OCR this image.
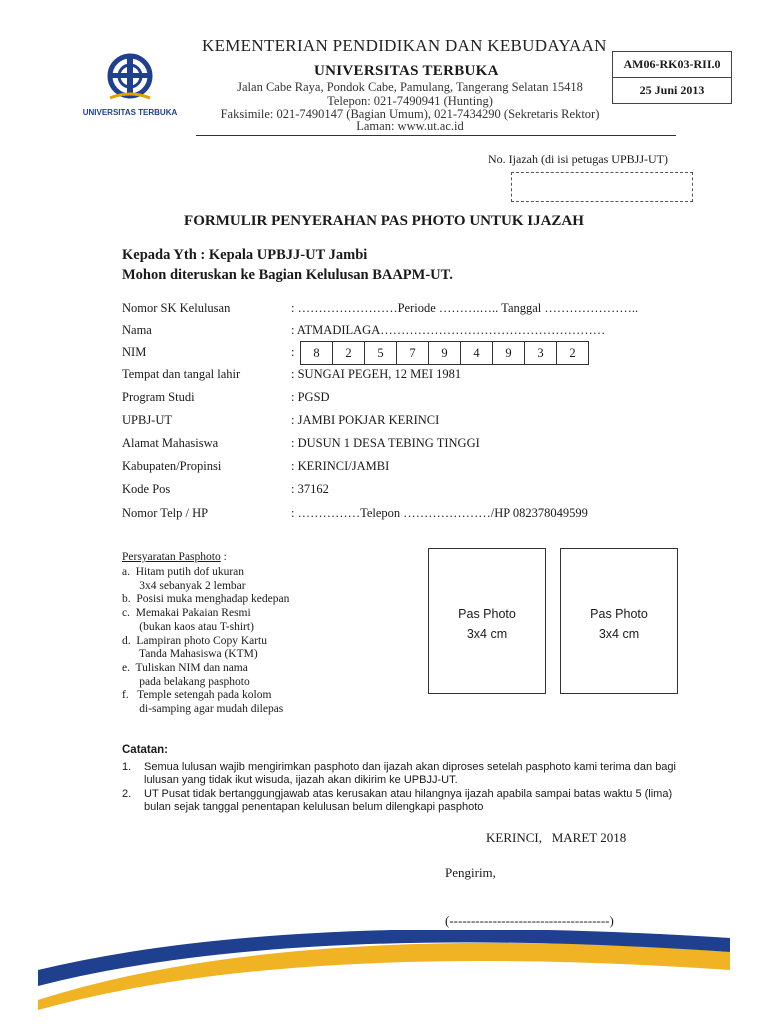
UNIVERSITAS TERBUKA
KEMENTERIAN PENDIDIKAN DAN KEBUDAYAAN
UNIVERSITAS TERBUKA
Jalan Cabe Raya, Pondok Cabe, Pamulang, Tangerang Selatan 15418
Telepon: 021-7490941 (Hunting)
Faksimile: 021-7490147 (Bagian Umum), 021-7434290 (Sekretaris Rektor)
Laman: www.ut.ac.id
AM06-RK03-RII.0
25 Juni 2013
No. Ijazah (di isi petugas UPBJJ-UT)
FORMULIR PENYERAHAN PAS PHOTO UNTUK IJAZAH
Kepada Yth : Kepala UPBJJ-UT Jambi
Mohon diteruskan ke Bagian Kelulusan BAAPM-UT.
Nomor SK Kelulusan	: ……………………Periode ……….….. Tanggal …………………..
Nama	: ATMADILAGA………………………………………………
NIM	:	8	2	5	7	9	4	9	3	2
Tempat dan tangal lahir	: SUNGAI PEGEH, 12 MEI 1981
Program Studi	: PGSD
UPBJ-UT	: JAMBI POKJAR KERINCI
Alamat Mahasiswa	: DUSUN 1 DESA TEBING TINGGI
Kabupaten/Propinsi	: KERINCI/JAMBI
Kode Pos	: 37162
Nomor Telp / HP	: ……………Telepon …………………/HP 082378049599
Persyaratan Pasphoto :
a.  Hitam putih dof ukuran
3x4 sebanyak 2 lembar
b.  Posisi muka menghadap kedepan
c.  Memakai Pakaian Resmi
(bukan kaos atau T-shirt)
d.  Lampiran photo Copy Kartu
Tanda Mahasiswa (KTM)
e.  Tuliskan NIM dan nama
pada belakang pasphoto
f.   Temple setengah pada kolom
di-samping agar mudah dilepas
Pas Photo
3x4 cm
Pas Photo
3x4 cm
Catatan:
1. Semua lulusan wajib mengirimkan pasphoto dan ijazah akan diproses setelah pasphoto kami terima dan bagi
lulusan yang tidak ikut wisuda, ijazah akan dikirim ke UPBJJ-UT.
2. UT Pusat tidak bertanggungjawab atas kerusakan atau hilangnya ijazah apabila sampai batas waktu 5 (lima)
bulan sejak tanggal penentapan kelulusan belum dilengkapi pasphoto
KERINCI,   MARET 2018
Pengirim,
(-------------------------------------)
